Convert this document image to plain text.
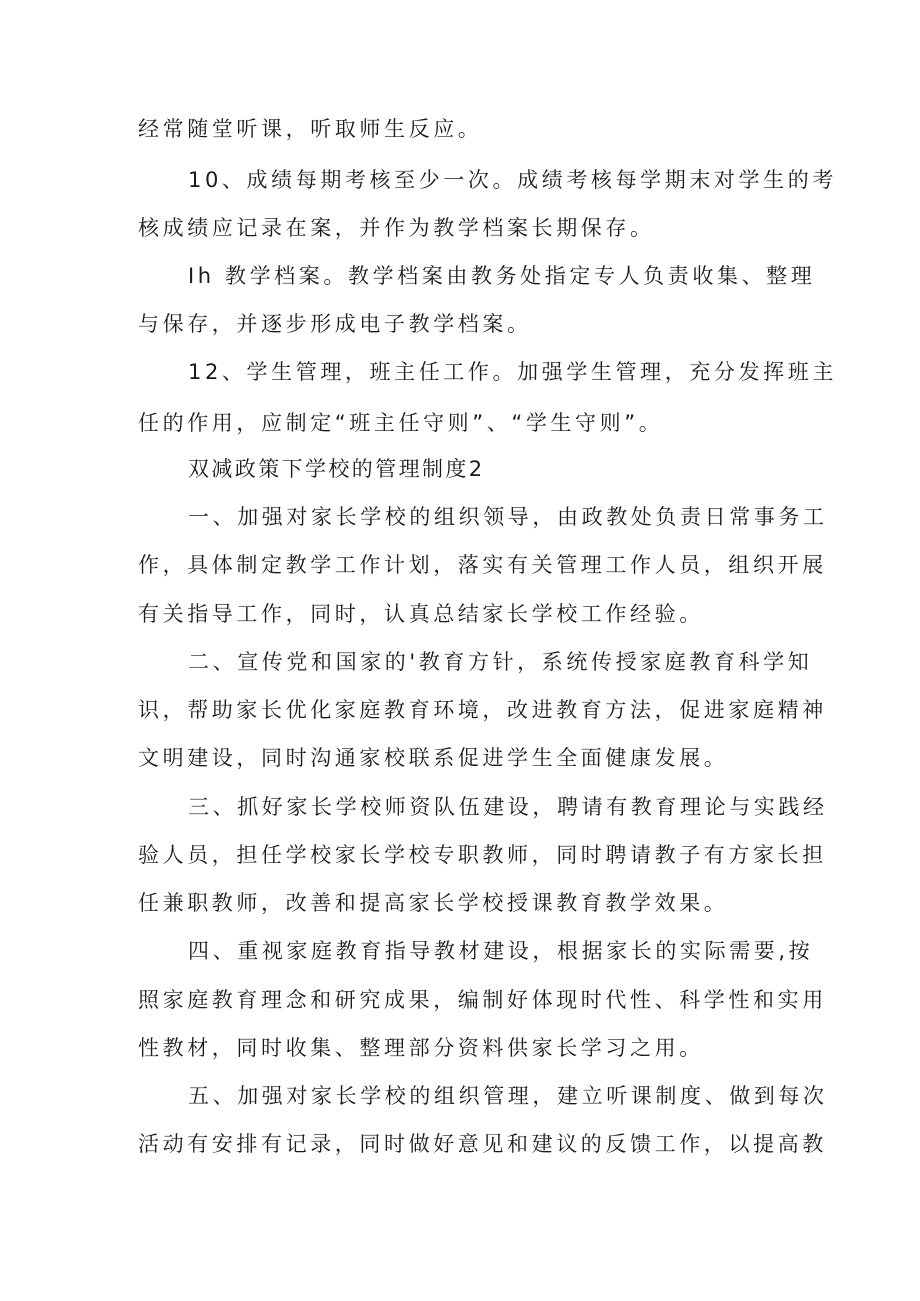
经常随堂听课，听取师生反应。
10、成绩每期考核至少一次。成绩考核每学期末对学生的考
核成绩应记录在案，并作为教学档案长期保存。
Ih 教学档案。教学档案由教务处指定专人负责收集、整理
与保存，并逐步形成电子教学档案。
12、学生管理，班主任工作。加强学生管理，充分发挥班主
任的作用，应制定“班主任守则”、“学生守则”。
双减政策下学校的管理制度2
一、加强对家长学校的组织领导，由政教处负责日常事务工
作，具体制定教学工作计划，落实有关管理工作人员，组织开展
有关指导工作，同时，认真总结家长学校工作经验。
二、宣传党和国家的'教育方针，系统传授家庭教育科学知
识，帮助家长优化家庭教育环境，改进教育方法，促进家庭精神
文明建设，同时沟通家校联系促进学生全面健康发展。
三、抓好家长学校师资队伍建设，聘请有教育理论与实践经
验人员，担任学校家长学校专职教师，同时聘请教子有方家长担
任兼职教师，改善和提高家长学校授课教育教学效果。
四、重视家庭教育指导教材建设，根据家长的实际需要,按
照家庭教育理念和研究成果，编制好体现时代性、科学性和实用
性教材，同时收集、整理部分资料供家长学习之用。
五、加强对家长学校的组织管理，建立听课制度、做到每次
活动有安排有记录，同时做好意见和建议的反馈工作，以提高教
